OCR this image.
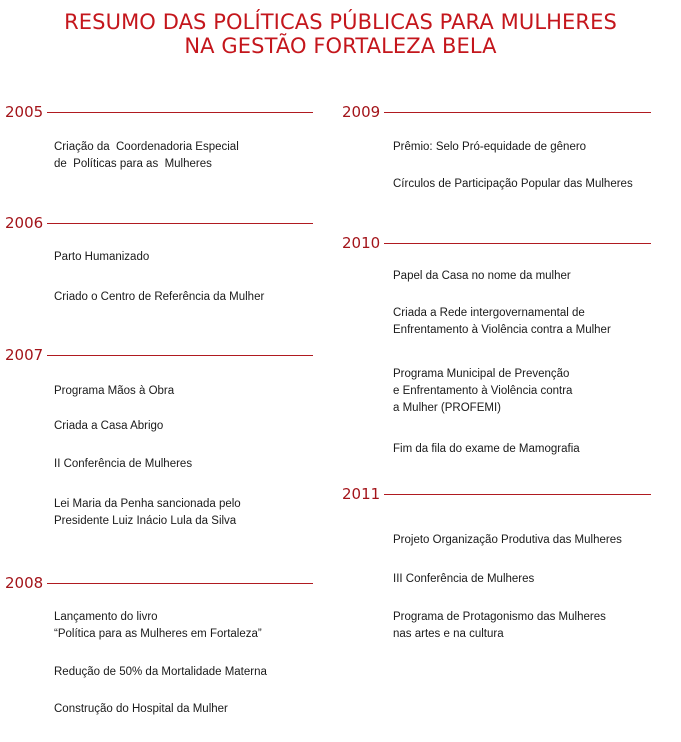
RESUMO DAS POLÍTICAS PÚBLICAS PARA MULHERES
NA GESTÃO FORTALEZA BELA
2005
Criação da  Coordenadoria Especial
de  Políticas para as  Mulheres
2006
Parto Humanizado
Criado o Centro de Referência da Mulher
2007
Programa Mãos à Obra
Criada a Casa Abrigo
II Conferência de Mulheres
Lei Maria da Penha sancionada pelo
Presidente Luiz Inácio Lula da Silva
2008
Lançamento do livro
“Política para as Mulheres em Fortaleza”
Redução de 50% da Mortalidade Materna
Construção do Hospital da Mulher
2009
Prêmio: Selo Pró-equidade de gênero
Círculos de Participação Popular das Mulheres
2010
Papel da Casa no nome da mulher
Criada a Rede intergovernamental de
Enfrentamento à Violência contra a Mulher
Programa Municipal de Prevenção
e Enfrentamento à Violência contra
a Mulher (PROFEMI)
Fim da fila do exame de Mamografia
2011
Projeto Organização Produtiva das Mulheres
III Conferência de Mulheres
Programa de Protagonismo das Mulheres
nas artes e na cultura
